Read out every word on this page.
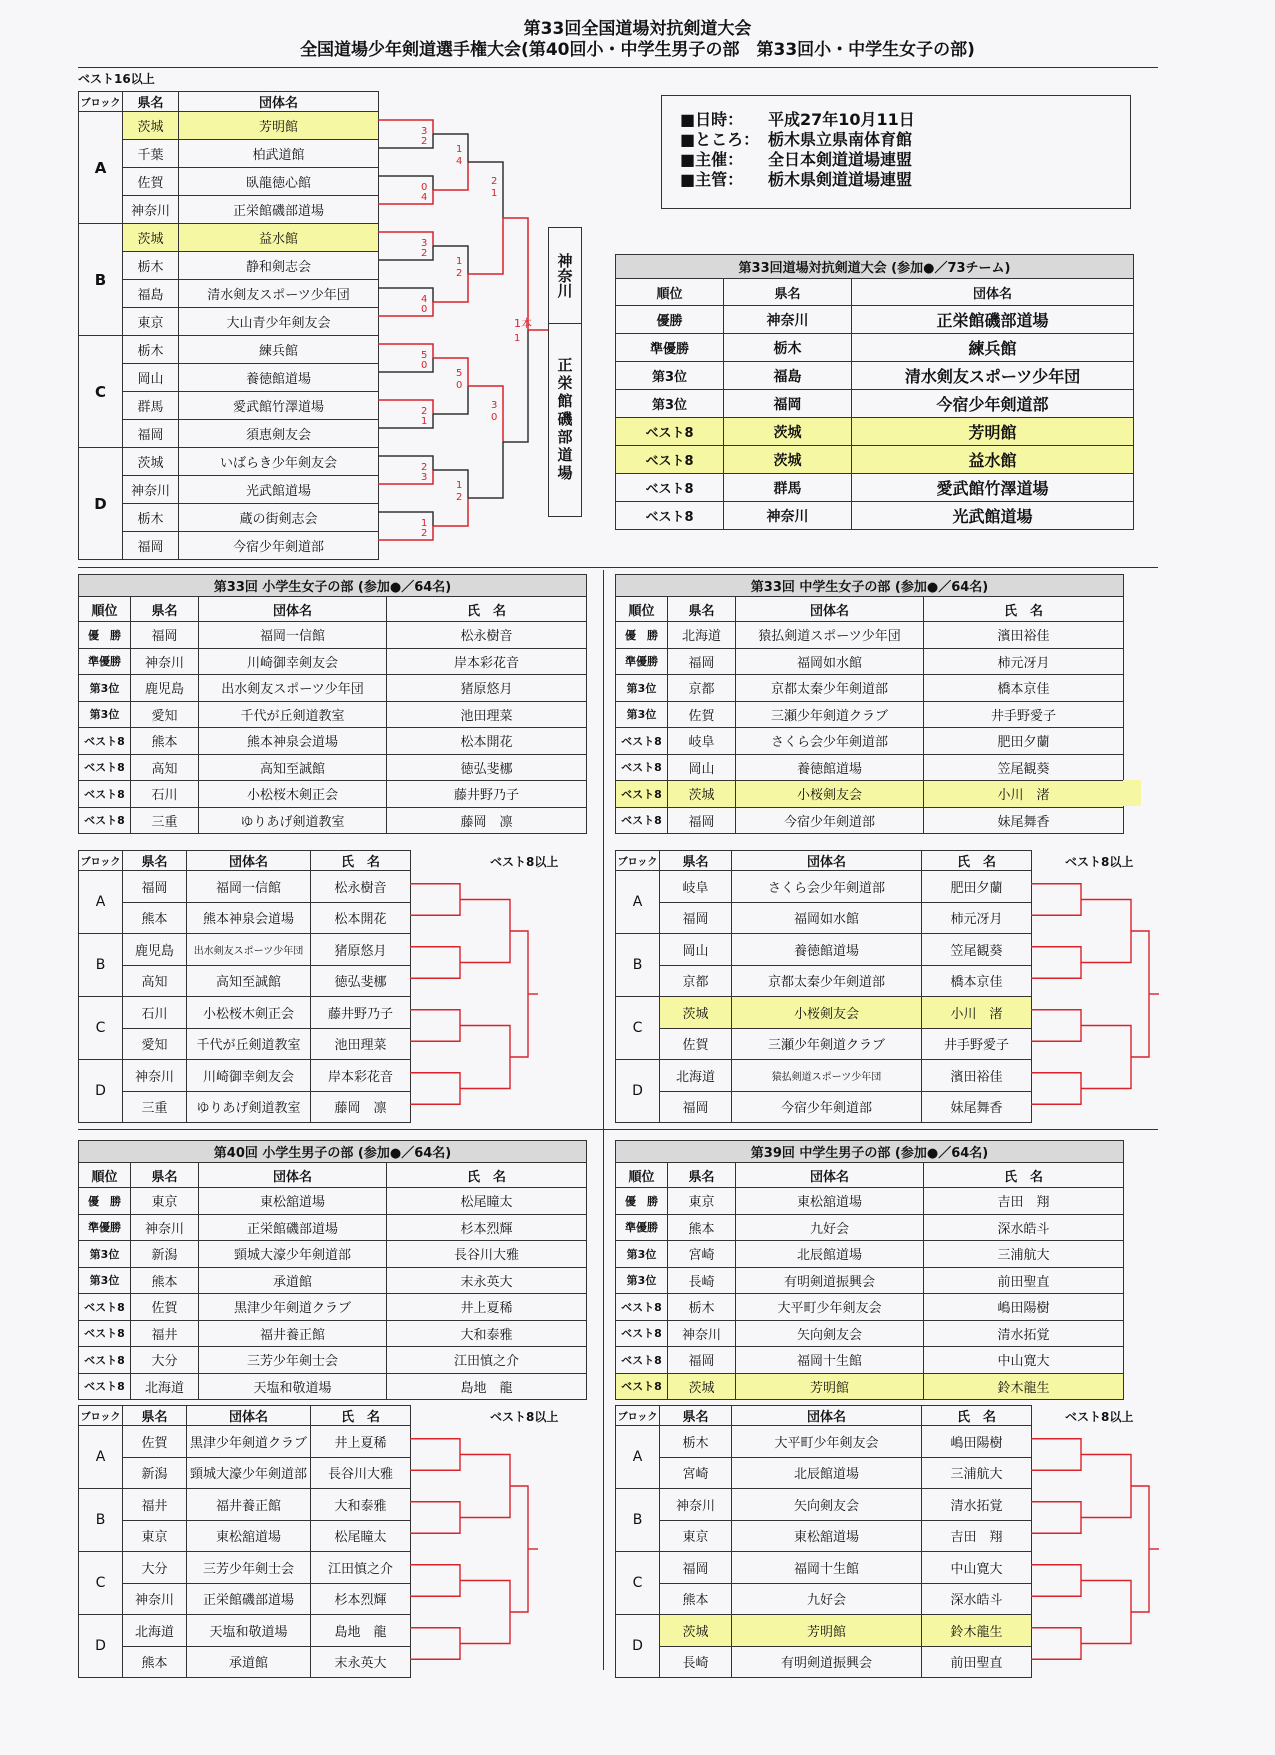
第33回全国道場対抗剣道大会
全国道場少年剣道選手権大会(第40回小・中学生男子の部　第33回小・中学生女子の部)
ベスト16以上
ブロック	県名	団体名
A	茨城	芳明館
	千葉	柏武道館
	佐賀	臥龍徳心館
	神奈川	正栄館磯部道場
B	茨城	益水館
	栃木	静和剣志会
	福島	清水剣友スポーツ少年団
	東京	大山青少年剣友会
C	栃木	練兵館
	岡山	養徳館道場
	群馬	愛武館竹澤道場
	福岡	須恵剣友会
D	茨城	いばらき少年剣友会
	神奈川	光武館道場
	栃木	蔵の街剣志会
	福岡	今宿少年剣道部
3
2
0
4
3
2
4
0
5
0
2
1
2
3
1
2
1
4
1
2
5
0
1
2
2
1
3
0
1本
1
神奈川
正栄館磯部道場
■日時： 平成27年10月11日
■ところ： 栃木県立県南体育館
■主催： 全日本剣道道場連盟
■主管： 栃木県剣道道場連盟
第33回道場対抗剣道大会 (参加●／73チーム)		
順位	県名	団体名
優勝	神奈川	正栄館磯部道場
準優勝	栃木	練兵館
第3位	福島	清水剣友スポーツ少年団
第3位	福岡	今宿少年剣道部
ベスト8	茨城	芳明館
ベスト8	茨城	益水館
ベスト8	群馬	愛武館竹澤道場
ベスト8	神奈川	光武館道場
第33回 小学生女子の部 (参加●／64名)			
順位	県名	団体名	氏　名
優　勝	福岡	福岡一信館	松永樹音
準優勝	神奈川	川崎御幸剣友会	岸本彩花音
第3位	鹿児島	出水剣友スポーツ少年団	猪原悠月
第3位	愛知	千代が丘剣道教室	池田理菜
ベスト8	熊本	熊本神泉会道場	松本開花
ベスト8	高知	高知至誠館	徳弘斐梛
ベスト8	石川	小松桜木剣正会	藤井野乃子
ベスト8	三重	ゆりあげ剣道教室	藤岡　凛
ベスト8以上
ブロック	県名	団体名	氏　名
A	福岡	福岡一信館	松永樹音
	熊本	熊本神泉会道場	松本開花
B	鹿児島	出水剣友スポーツ少年団	猪原悠月
	高知	高知至誠館	徳弘斐梛
C	石川	小松桜木剣正会	藤井野乃子
	愛知	千代が丘剣道教室	池田理菜
D	神奈川	川崎御幸剣友会	岸本彩花音
	三重	ゆりあげ剣道教室	藤岡　凛
第33回 中学生女子の部 (参加●／64名)			
順位	県名	団体名	氏　名
優　勝	北海道	猿払剣道スポーツ少年団	濱田裕佳
準優勝	福岡	福岡如水館	柿元冴月
第3位	京都	京都太秦少年剣道部	橋本京佳
第3位	佐賀	三瀬少年剣道クラブ	井手野愛子
ベスト8	岐阜	さくら会少年剣道部	肥田夕蘭
ベスト8	岡山	養徳館道場	笠尾観葵
ベスト8	茨城	小桜剣友会	小川　渚
ベスト8	福岡	今宿少年剣道部	妹尾舞香
ベスト8以上
ブロック	県名	団体名	氏　名
A	岐阜	さくら会少年剣道部	肥田夕蘭
	福岡	福岡如水館	柿元冴月
B	岡山	養徳館道場	笠尾観葵
	京都	京都太秦少年剣道部	橋本京佳
C	茨城	小桜剣友会	小川　渚
	佐賀	三瀬少年剣道クラブ	井手野愛子
D	北海道	猿払剣道スポーツ少年団	濱田裕佳
	福岡	今宿少年剣道部	妹尾舞香
第40回 小学生男子の部 (参加●／64名)			
順位	県名	団体名	氏　名
優　勝	東京	東松舘道場	松尾瞳太
準優勝	神奈川	正栄館磯部道場	杉本烈輝
第3位	新潟	頸城大濠少年剣道部	長谷川大雅
第3位	熊本	承道館	末永英大
ベスト8	佐賀	黒津少年剣道クラブ	井上夏稀
ベスト8	福井	福井養正館	大和泰雅
ベスト8	大分	三芳少年剣士会	江田慎之介
ベスト8	北海道	天塩和敬道場	島地　龍
ベスト8以上
ブロック	県名	団体名	氏　名
A	佐賀	黒津少年剣道クラブ	井上夏稀
	新潟	頸城大濠少年剣道部	長谷川大雅
B	福井	福井養正館	大和泰雅
	東京	東松舘道場	松尾瞳太
C	大分	三芳少年剣士会	江田慎之介
	神奈川	正栄館磯部道場	杉本烈輝
D	北海道	天塩和敬道場	島地　龍
	熊本	承道館	末永英大
第39回 中学生男子の部 (参加●／64名)			
順位	県名	団体名	氏　名
優　勝	東京	東松舘道場	吉田　翔
準優勝	熊本	九好会	深水皓斗
第3位	宮崎	北辰館道場	三浦航大
第3位	長崎	有明剣道振興会	前田聖直
ベスト8	栃木	大平町少年剣友会	嶋田陽樹
ベスト8	神奈川	矢向剣友会	清水拓覚
ベスト8	福岡	福岡十生館	中山寛大
ベスト8	茨城	芳明館	鈴木龍生
ベスト8以上
ブロック	県名	団体名	氏　名
A	栃木	大平町少年剣友会	嶋田陽樹
	宮崎	北辰館道場	三浦航大
B	神奈川	矢向剣友会	清水拓覚
	東京	東松舘道場	吉田　翔
C	福岡	福岡十生館	中山寛大
	熊本	九好会	深水皓斗
D	茨城	芳明館	鈴木龍生
	長崎	有明剣道振興会	前田聖直
